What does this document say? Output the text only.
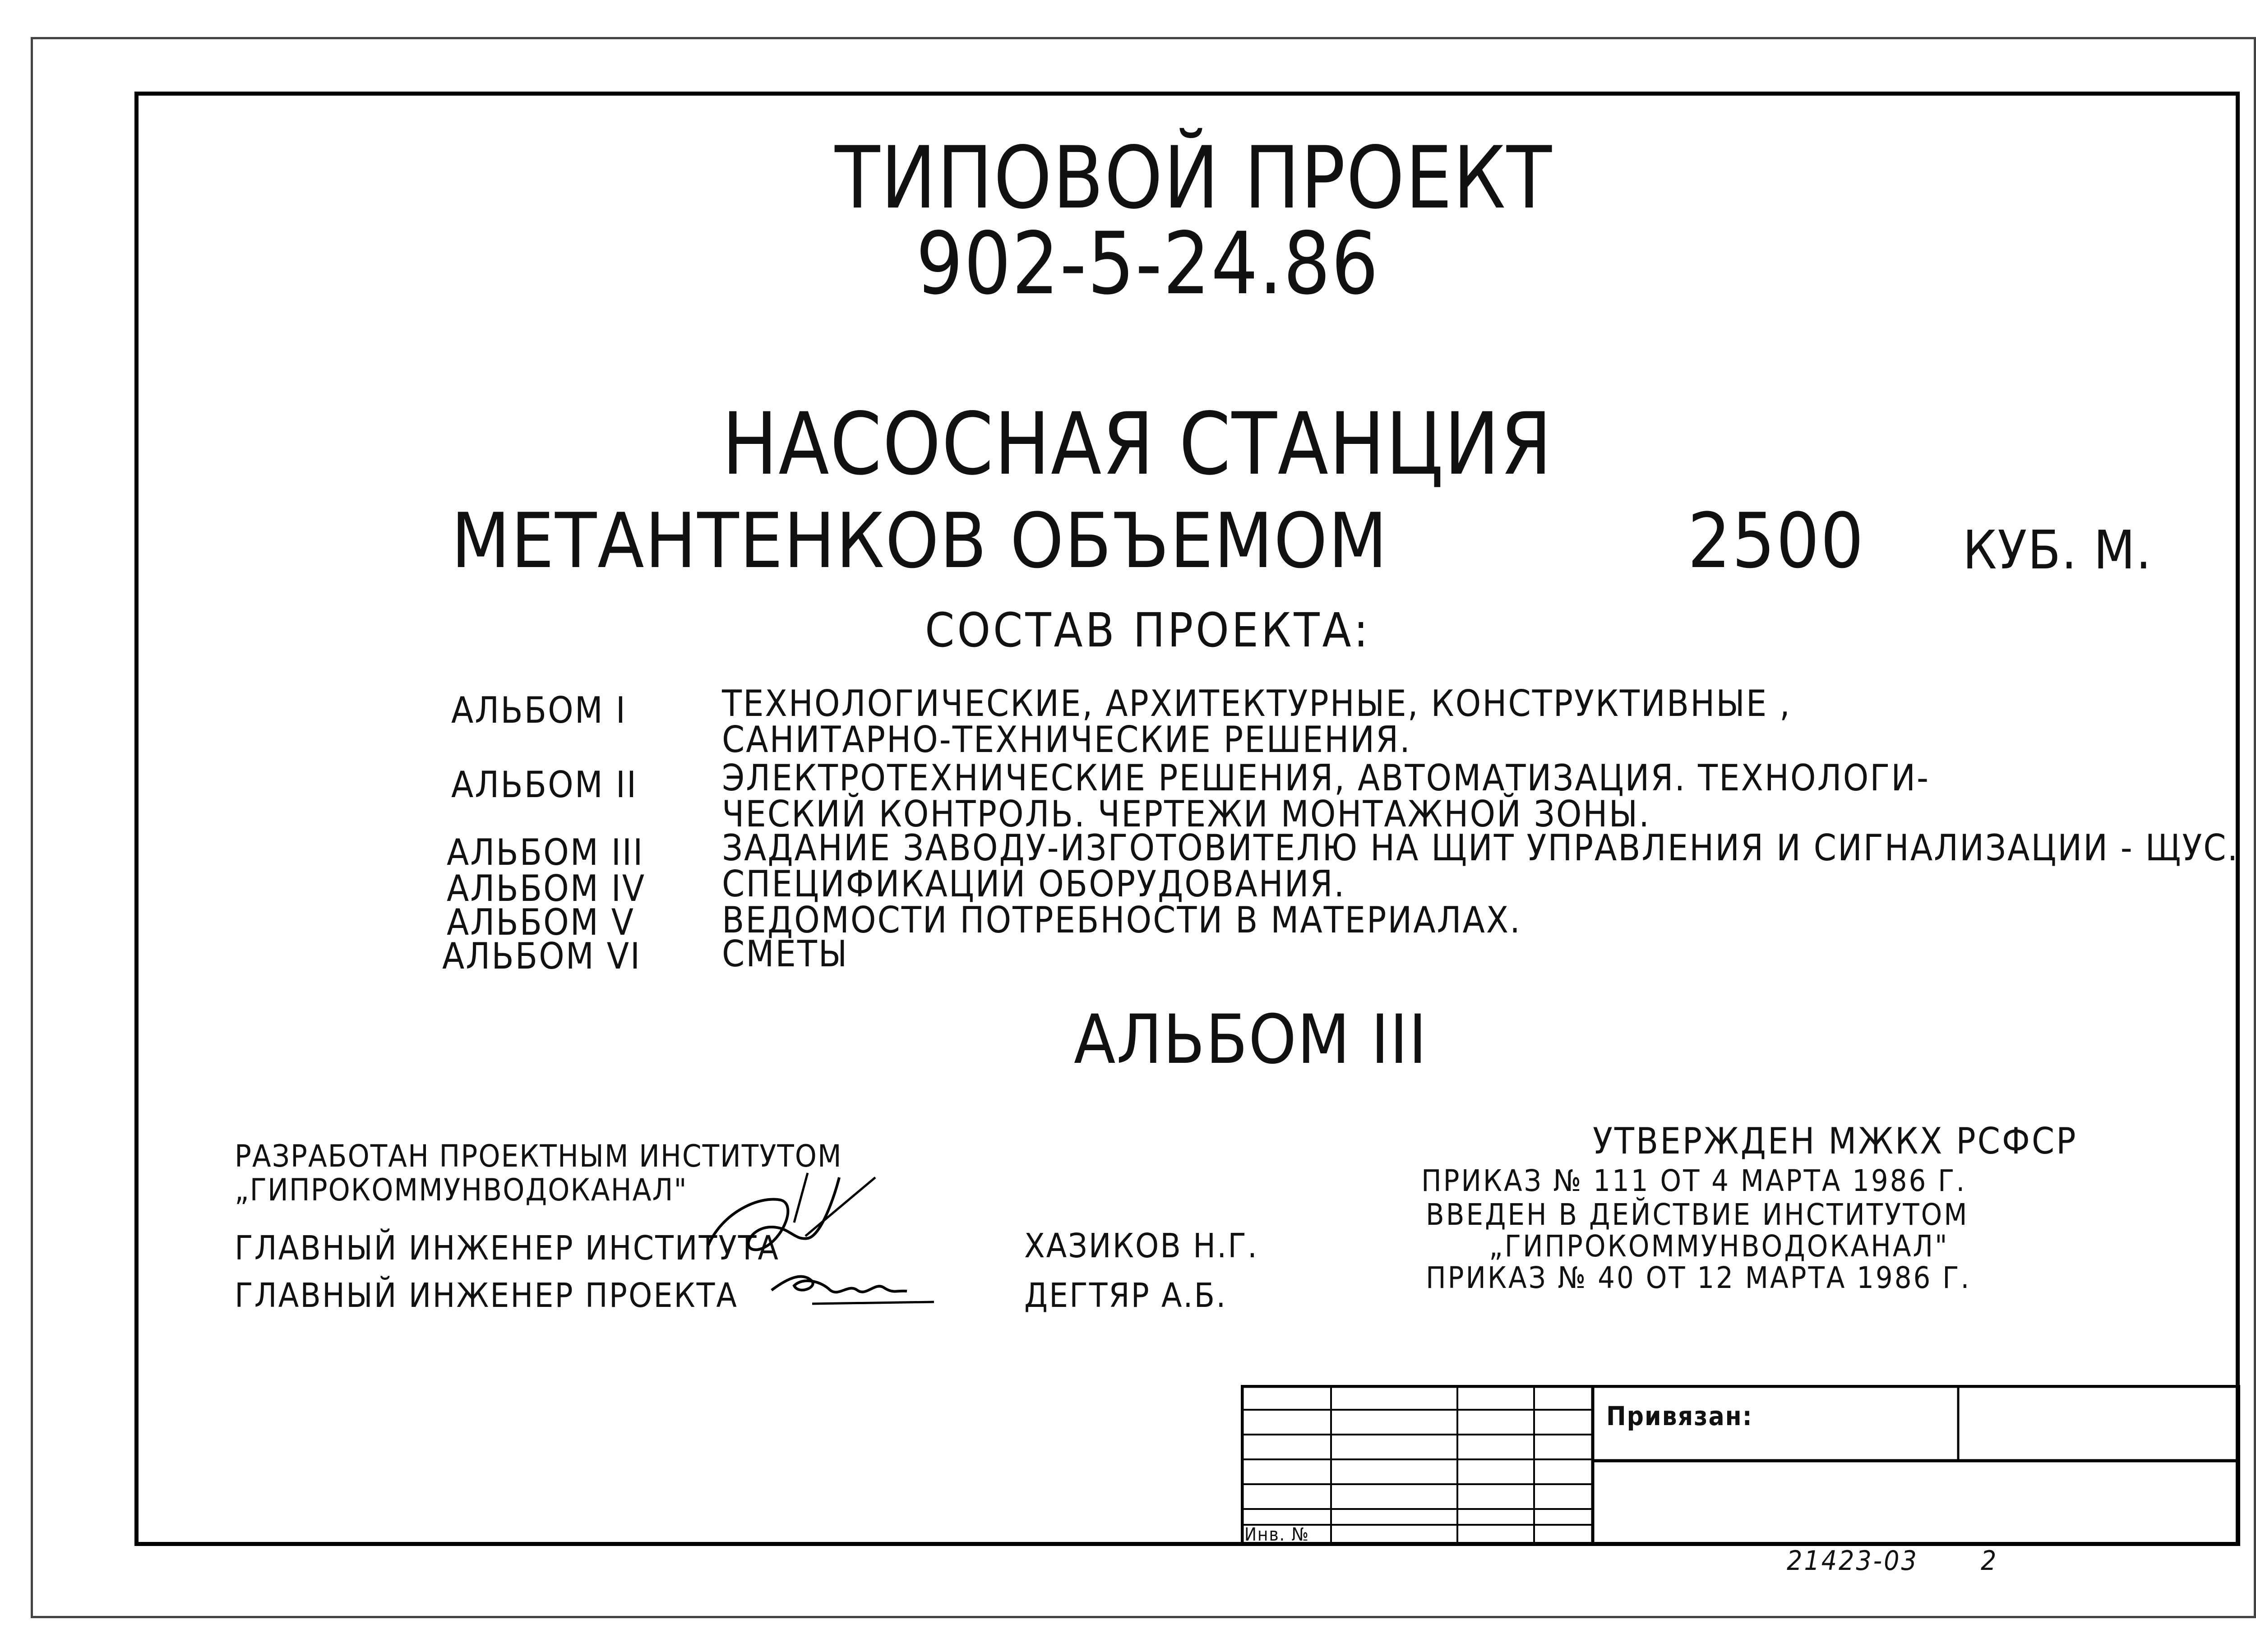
ТИПОВОЙ ПРОЕКТ
902-5-24.86
НАСОСНАЯ СТАНЦИЯ
МЕТАНТЕНКОВ ОБЪЕМОМ	2500 КУБ. М.
СОСТАВ ПРОЕКТА:
АЛЬБОМ I	ТЕХНОЛОГИЧЕСКИЕ, АРХИТЕКТУРНЫЕ, КОНСТРУКТИВНЫЕ ,
САНИТАРНО-ТЕХНИЧЕСКИЕ РЕШЕНИЯ.
АЛЬБОМ II ЭЛЕКТРОТЕХНИЧЕСКИЕ РЕШЕНИЯ, АВТОМАТИЗАЦИЯ. ТЕХНОЛОГИ-
ЧЕСКИЙ КОНТРОЛЬ. ЧЕРТЕЖИ МОНТАЖНОЙ ЗОНЫ.
АЛЬБОМ III ЗАДАНИЕ ЗАВОДУ-ИЗГОТОВИТЕЛЮ НА ЩИТ УПРАВЛЕНИЯ И СИГНАЛИЗАЦИИ - ЩУС.
АЛЬБОМ IV СПЕЦИФИКАЦИИ ОБОРУДОВАНИЯ.
АЛЬБОМ V ВЕДОМОСТИ ПОТРЕБНОСТИ В МАТЕРИАЛАХ.
АЛЬБОМ VI СМЕТЫ
АЛЬБОМ III
РАЗРАБОТАН ПРОЕКТНЫМ ИНСТИТУТОМ
„ГИПРОКОММУНВОДОКАНАЛ"
ГЛАВНЫЙ ИНЖЕНЕР ИНСТИТУТА	ХАЗИКОВ Н.Г.
ГЛАВНЫЙ ИНЖЕНЕР ПРОЕКТА	ДЕГТЯР А.Б.
УТВЕРЖДЕН МЖКХ РСФСР
ПРИКАЗ № 111 ОТ 4 МАРТА 1986 Г.
ВВЕДЕН В ДЕЙСТВИЕ ИНСТИТУТОМ
„ГИПРОКОММУНВОДОКАНАЛ"
ПРИКАЗ № 40 ОТ 12 МАРТА 1986 Г.
Привязан:
Инв. №
21423-03 2
